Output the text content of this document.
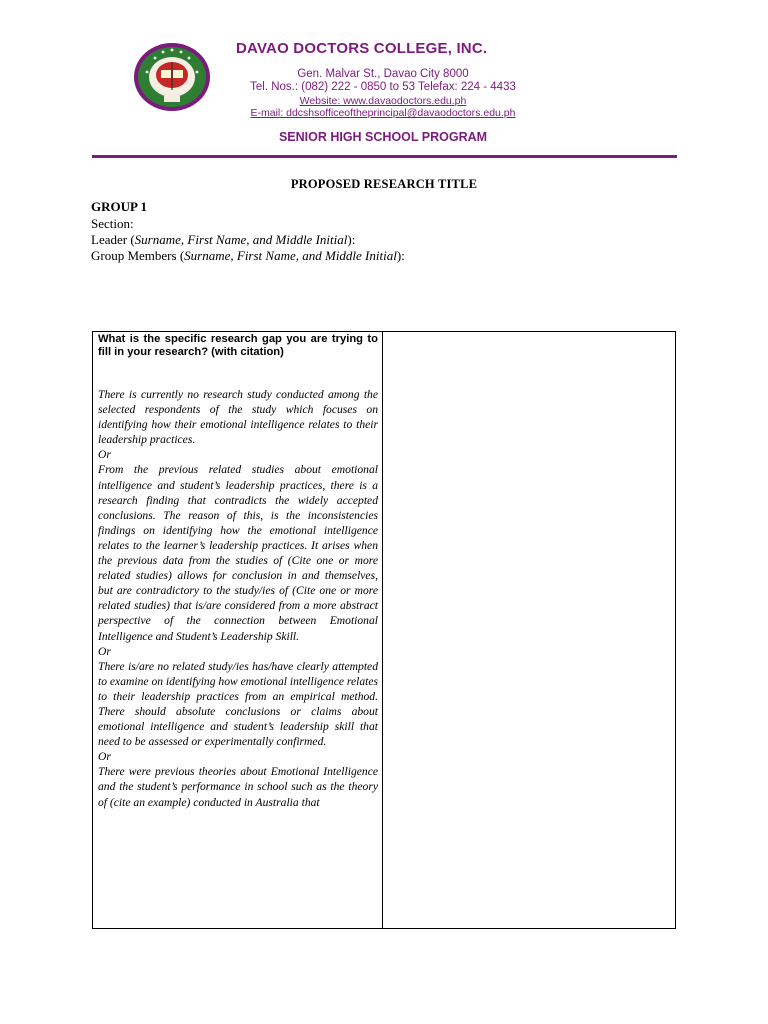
DAVAO DOCTORS COLLEGE, INC.
Gen. Malvar St., Davao City 8000
Tel. Nos.: (082) 222 - 0850 to 53 Telefax: 224 - 4433
Website: www.davaodoctors.edu.ph
E-mail: ddcshsofficeoftheprincipal@davaodoctors.edu.ph
SENIOR HIGH SCHOOL PROGRAM
PROPOSED RESEARCH TITLE
GROUP 1
Section:
Leader (Surname, First Name, and Middle Initial):
Group Members (Surname, First Name, and Middle Initial):
What is the specific research gap you are trying to fill in your research? (with citation)

There is currently no research study conducted among the selected respondents of the study which focuses on identifying how their emotional intelligence relates to their leadership practices.

Or

From the previous related studies about emotional intelligence and student’s leadership practices, there is a research finding that contradicts the widely accepted conclusions. The reason of this, is the inconsistencies findings on identifying how the emotional intelligence relates to the learner’s leadership practices. It arises when the previous data from the studies of (Cite one or more related studies) allows for conclusion in and themselves, but are contradictory to the study/ies of (Cite one or more related studies) that is/are considered from a more abstract perspective of the connection between Emotional Intelligence and Student’s Leadership Skill.

Or

There is/are no related study/ies has/have clearly attempted to examine on identifying how emotional intelligence relates to their leadership practices from an empirical method. There should absolute conclusions or claims about emotional intelligence and student’s leadership skill that need to be assessed or experimentally confirmed.

Or

There were previous theories about Emotional Intelligence and the student’s performance in school such as the theory of (cite an example) conducted in Australia that
